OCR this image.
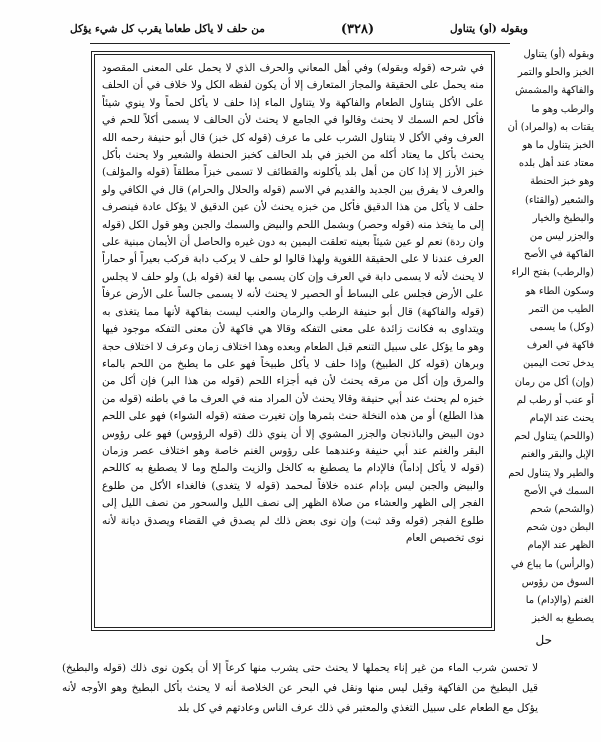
وبقوله (أو) يتناول
(٣٢٨)
من حلف لا يأكل طعاماً يقرب كل شيء يؤكل

في شرحه (قوله وبقوله) وفي أهل المعاني والحرف الذي لا يحمل على المعنى المقصود منه يحمل على الحقيقة والمجاز المتعارف إلا أن يكون لفظه الكل ولا خلاف في أن الحلف على الأكل يتناول الطعام والفاكهة ولا يتناول الماء إذا حلف لا يأكل لحماً ولا ينوي شيئاً فأكل لحم السمك لا يحنث وقالوا في الجامع لا يحنث لأن الحالف لا يسمى أكلاً للحم في العرف وفي الأكل لا يتناول الشرب على ما عرف (قوله كل خبز) قال أبو حنيفة رحمه الله يحنث بأكل ما يعتاد أكله من الخبز في بلد الحالف كخبز الحنطة والشعير ولا يحنث بأكل خبز الأرز إلا إذا كان من أهل بلد يأكلونه والقطائف لا تسمى خبزاً مطلقاً (قوله والمؤلف) والعرف لا يفرق بين الجديد والقديم في الاسم (قوله والحلال والحرام) قال في الكافي ولو حلف لا يأكل من هذا الدقيق فأكل من خبزه يحنث لأن عين الدقيق لا يؤكل عادة فينصرف إلى ما يتخذ منه (قوله وحصر) وبشمل اللحم والبيض والسمك والجبن وهو قول الكل (قوله وان ردة) نعم لو عين شيئاً بعينه تعلقت اليمين به دون غيره والحاصل أن الأيمان مبنية على العرف عندنا لا على الحقيقة اللغوية ولهذا قالوا لو حلف لا يركب دابة فركب بعيراً أو حماراً لا يحنث لأنه لا يسمى دابة في العرف وإن كان يسمى بها لغة (قوله بل) ولو حلف لا يجلس على الأرض فجلس على البساط أو الحصير لا يحنث لأنه لا يسمى جالساً على الأرض عرفاً (قوله والفاكهة) قال أبو حنيفة الرطب والرمان والعنب ليست بفاكهة لأنها مما يتغذى به ويتداوى به فكانت زائدة على معنى التفكه وقالا هي فاكهة لأن معنى التفكه موجود فيها وهو ما يؤكل على سبيل التنعم قبل الطعام وبعده وهذا اختلاف زمان وعرف لا اختلاف حجة وبرهان (قوله كل الطبيخ) وإذا حلف لا يأكل طبيخاً فهو على ما يطبخ من اللحم بالماء والمرق وإن أكل من مرقه يحنث لأن فيه أجزاء اللحم (قوله من هذا البر) فإن أكل من خبزه لم يحنث عند أبي حنيفة وقالا يحنث لأن المراد منه في العرف ما في باطنه (قوله من هذا الطلع) أو من هذه النخلة حنث بثمرها وإن تغيرت صفته (قوله الشواء) فهو على اللحم دون البيض والباذنجان والجزر المشوي إلا أن ينوي ذلك (قوله الرؤوس) فهو على رؤوس البقر والغنم عند أبي حنيفة وعندهما على رؤوس الغنم خاصة وهو اختلاف عصر وزمان (قوله لا يأكل إداماً) فالإدام ما يصطبغ به كالخل والزيت والملح وما لا يصطبغ به كاللحم والبيض والجبن ليس بإدام عنده خلافاً لمحمد (قوله لا يتغدى) فالغداء الأكل من طلوع الفجر إلى الظهر والعشاء من صلاة الظهر إلى نصف الليل والسحور من نصف الليل إلى طلوع الفجر (قوله وقد ثبت) وإن نوى بعض ذلك لم يصدق في القضاء ويصدق ديانة لأنه نوى تخصيص العام

وبقوله (أو) يتناول الخبز والحلو والتمر والفاكهة والمشمش والرطب وهو ما يقتات به (والمراد) أن الخبز يتناول ما هو معتاد عند أهل بلده وهو خبز الحنطة والشعير (والقثاء) والبطيخ والخيار والجزر ليس من الفاكهة في الأصح (والرطب) بفتح الراء وسكون الطاء هو الطيب من التمر (وكل) ما يسمى فاكهة في العرف يدخل تحت اليمين (وإن) أكل من رمان أو عنب أو رطب لم يحنث عند الإمام (واللحم) يتناول لحم الإبل والبقر والغنم والطير ولا يتناول لحم السمك في الأصح (والشحم) شحم البطن دون شحم الظهر عند الإمام (والرأس) ما يباع في السوق من رؤوس الغنم (والإدام) ما يصطبغ به الخبز

حل

لا تحسن شرب الماء من غير إناء يحملها لا يحنث حتى يشرب منها كرعاً إلا أن يكون نوى ذلك (قوله والبطيخ) قيل البطيخ من الفاكهة وقيل ليس منها ونقل في البحر عن الخلاصة أنه لا يحنث بأكل البطيخ وهو الأوجه لأنه يؤكل مع الطعام على سبيل التغذي والمعتبر في ذلك عرف الناس وعادتهم في كل بلد
